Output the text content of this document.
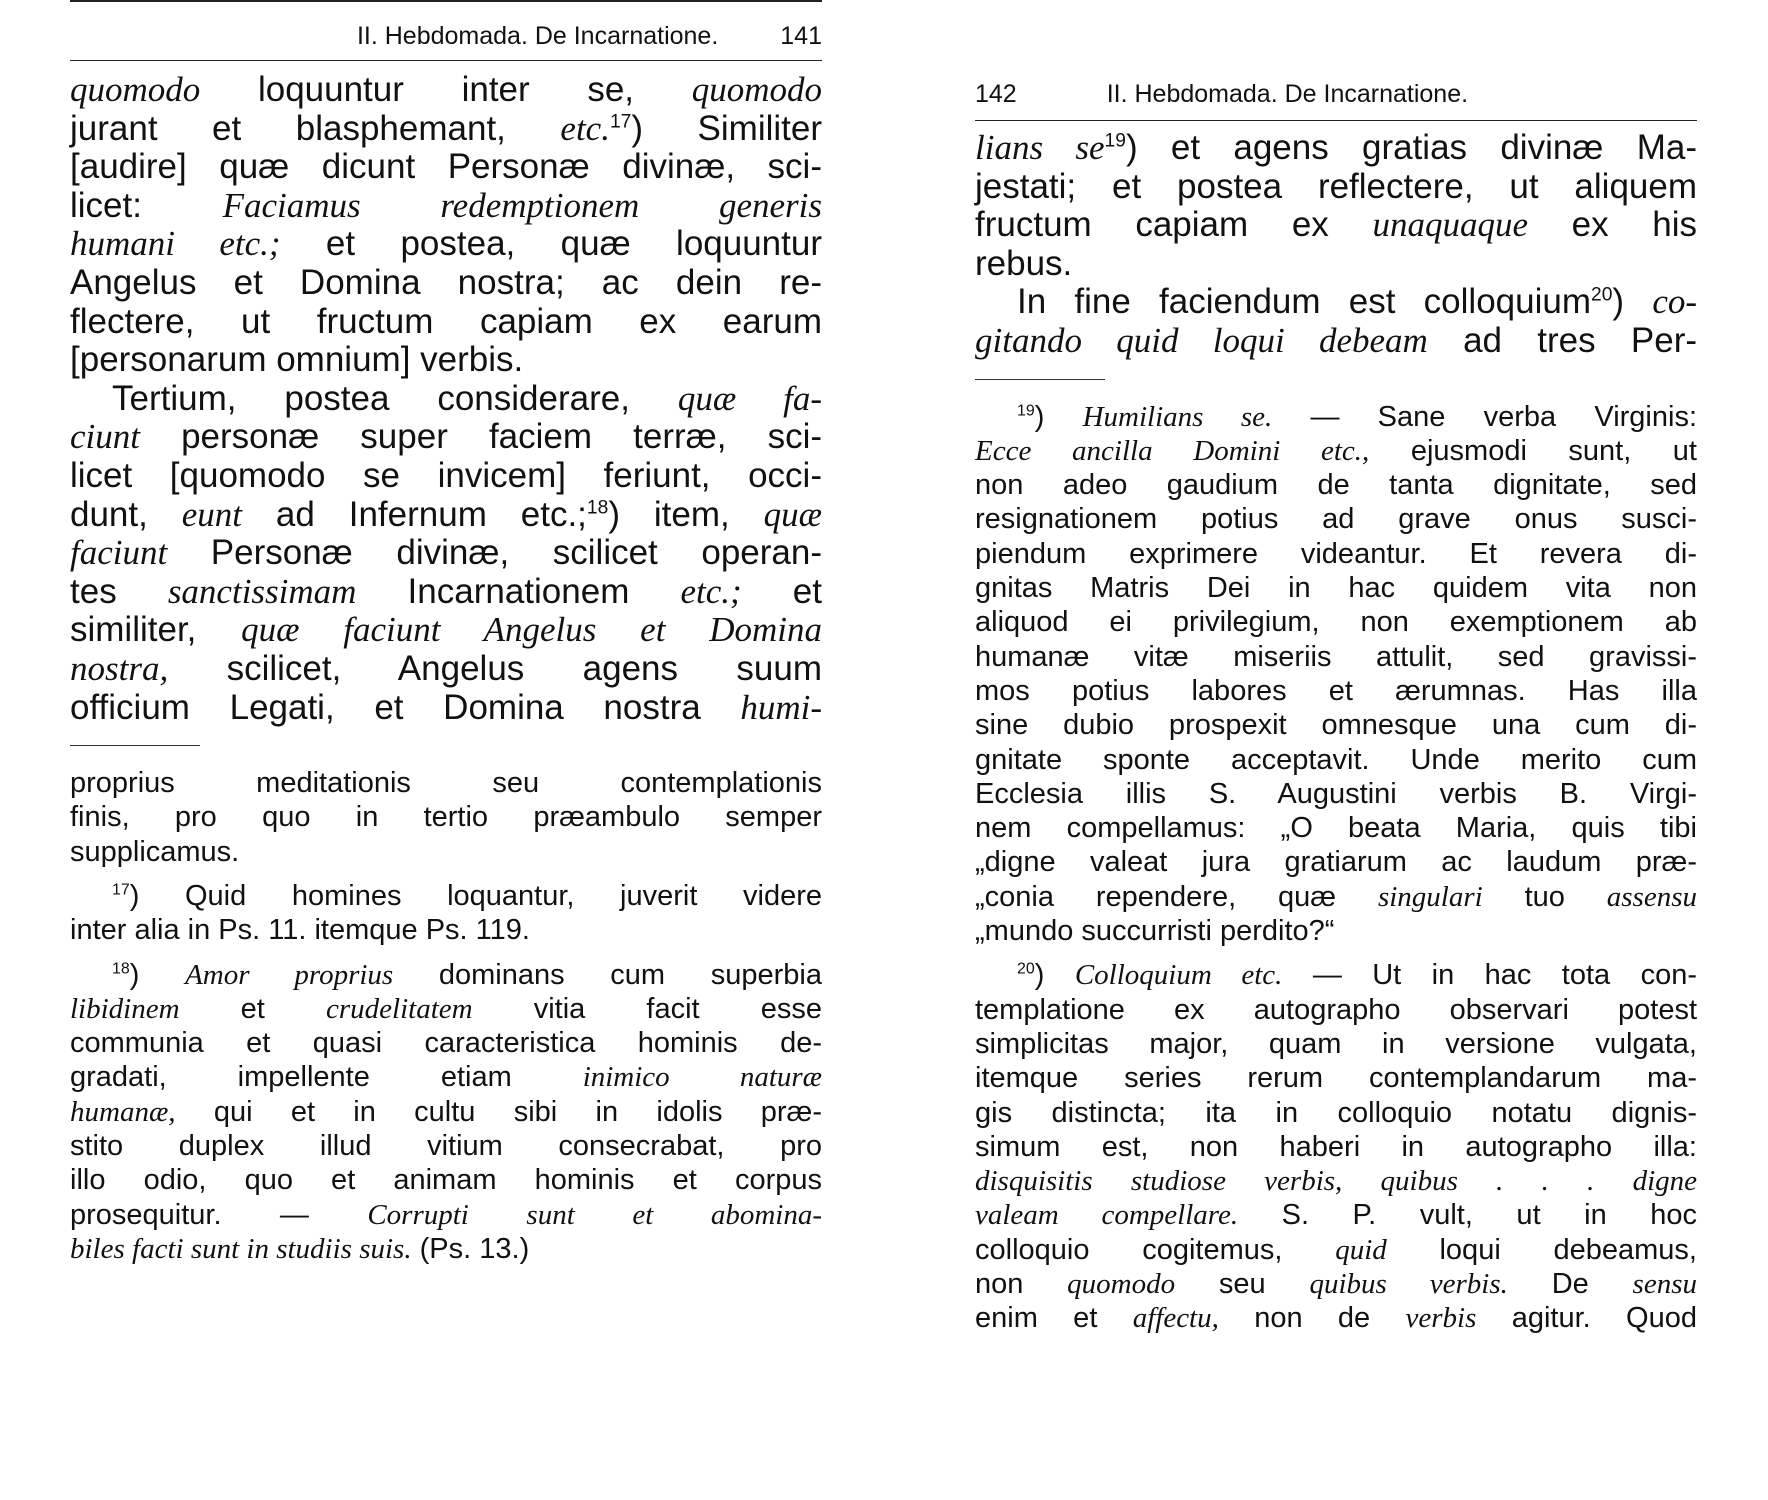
II. Hebdomada. De Incarnatione. 141
quomodo loquuntur inter se, quomodo
jurant et blasphemant, etc.$^{17}$) Similiter
[audire] quæ dicunt Personæ divinæ, sci-
licet: Faciamus redemptionem generis
humani etc.; et postea, quæ loquuntur
Angelus et Domina nostra; ac dein re-
flectere, ut fructum capiam ex earum
[personarum omnium] verbis.
Tertium, postea considerare, quæ fa-
ciunt personæ super faciem terræ, sci-
licet [quomodo se invicem] feriunt, occi-
dunt, eunt ad Infernum etc.;$^{18}$) item, quæ
faciunt Personæ divinæ, scilicet operan-
tes sanctissimam Incarnationem etc.; et
similiter, quæ faciunt Angelus et Domina
nostra, scilicet, Angelus agens suum
officium Legati, et Domina nostra humi-
proprius meditationis seu contemplationis
finis, pro quo in tertio præambulo semper
supplicamus.
$^{17}$) Quid homines loquantur, juverit videre
inter alia in Ps. 11. itemque Ps. 119.
$^{18}$) Amor proprius dominans cum superbia
libidinem et crudelitatem vitia facit esse
communia et quasi caracteristica hominis de-
gradati, impellente etiam inimico naturæ
humanæ, qui et in cultu sibi in idolis præ-
stito duplex illud vitium consecrabat, pro
illo odio, quo et animam hominis et corpus
prosequitur. — Corrupti sunt et abomina-
biles facti sunt in studiis suis. (Ps. 13.)
142	II. Hebdomada. De Incarnatione.
lians $se^{19}$) et agens gratias divinæ Ma-
jestati; et postea reflectere, ut aliquem
fructum capiam ex unaquaque ex his
rebus.
In fine faciendum est colloquium$^{20}$) co-
gitando quid loqui debeam ad tres Per-
$^{19}$) Humilians se. — Sane verba Virginis:
Ecce ancilla Domini etc., ejusmodi sunt, ut
non adeo gaudium de tanta dignitate, sed
resignationem potius ad grave onus susci-
piendum exprimere videantur. Et revera di-
gnitas Matris Dei in hac quidem vita non
aliquod ei privilegium, non exemptionem ab
humanæ vitæ miseriis attulit, sed gravissi-
mos potius labores et ærumnas. Has illa
sine dubio prospexit omnesque una cum di-
gnitate sponte acceptavit. Unde merito cum
Ecclesia illis S. Augustini verbis B. Virgi-
nem compellamus: „O beata Maria, quis tibi
„digne valeat jura gratiarum ac laudum præ-
„conia rependere, quæ singulari tuo assensu
„mundo succurristi perdito?“
$^{20}$) Colloquium etc. — Ut in hac tota con-
templatione ex autographo observari potest
simplicitas major, quam in versione vulgata,
itemque series rerum contemplandarum ma-
gis distincta; ita in colloquio notatu dignis-
simum est, non haberi in autographo illa:
disquisitis studiose verbis, quibus . . . digne
valeam compellare. S. P. vult, ut in hoc
colloquio cogitemus, quid loqui debeamus,
non quomodo seu quibus verbis. De sensu
enim et affectu, non de verbis agitur. Quod
